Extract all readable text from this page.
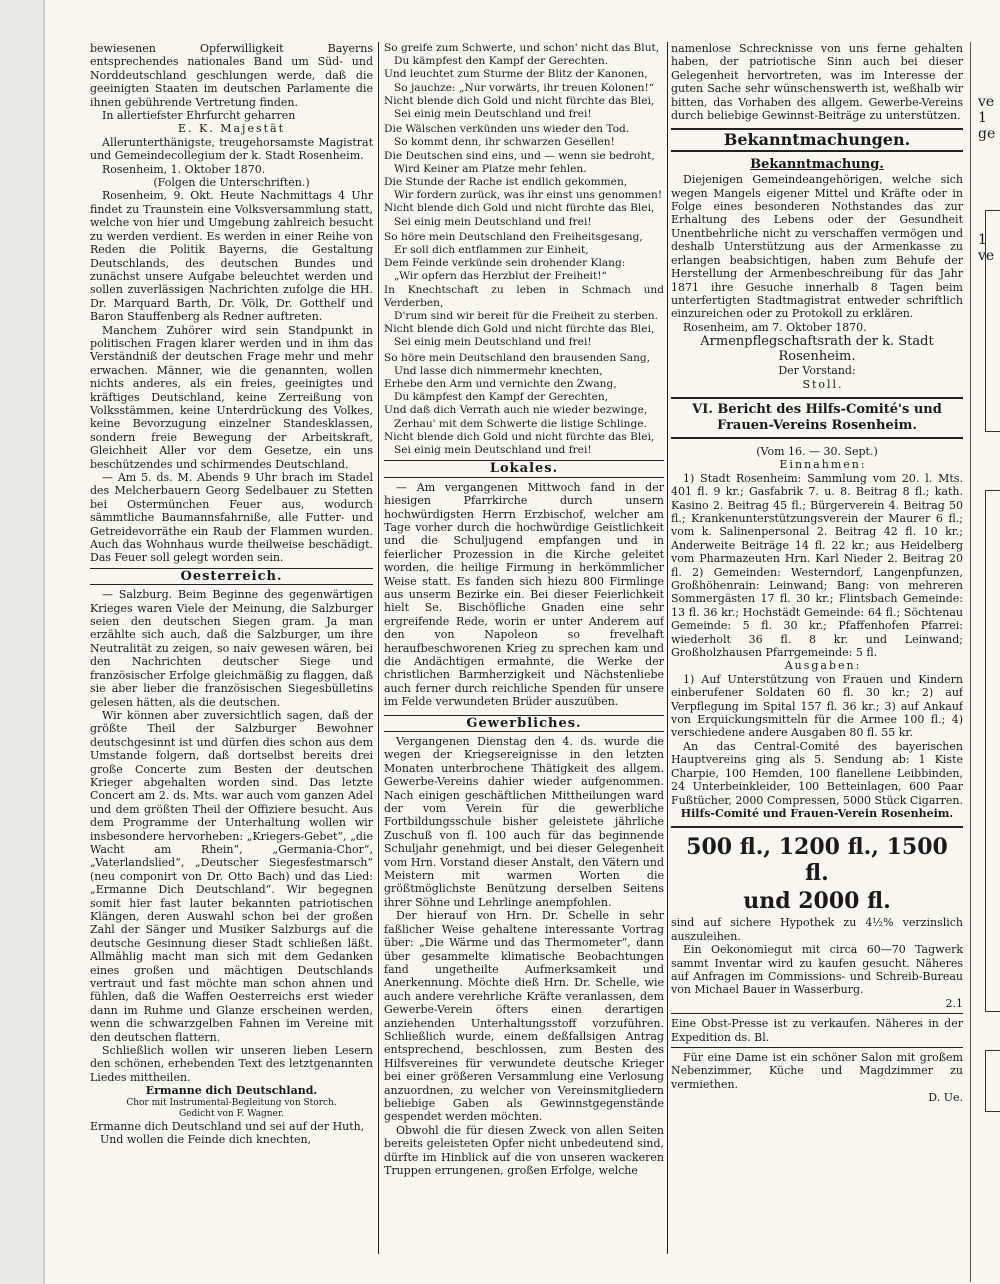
bewiesenen Opferwilligkeit Bayerns entsprechendes nationales Band um Süd- und Norddeutschland geschlungen werde, daß die geeinigten Staaten im deutschen Parlamente die ihnen gebührende Vertretung finden.

In allertiefster Ehrfurcht geharren

E. K. Majestät

Allerunterthänigste, treugehorsamste Magistrat und Gemeindecollegium der k. Stadt Rosenheim.

Rosenheim, 1. Oktober 1870.

(Folgen die Unterschriften.)

Rosenheim, 9. Okt. Heute Nachmittags 4 Uhr findet zu Traunstein eine Volksversammlung statt, welche von hier und Umgebung zahlreich besucht zu werden verdient. Es werden in einer Reihe von Reden die Politik Bayerns, die Gestaltung Deutschlands, des deutschen Bundes und zunächst unsere Aufgabe beleuchtet werden und sollen zuverlässigen Nachrichten zufolge die HH. Dr. Marquard Barth, Dr. Völk, Dr. Gotthelf und Baron Stauffenberg als Redner auftreten.

Manchem Zuhörer wird sein Standpunkt in politischen Fragen klarer werden und in ihm das Verständniß der deutschen Frage mehr und mehr erwachen. Männer, wie die genannten, wollen nichts anderes, als ein freies, geeinigtes und kräftiges Deutschland, keine Zerreißung von Volksstämmen, keine Unterdrückung des Volkes, keine Bevorzugung einzelner Standesklassen, sondern freie Bewegung der Arbeitskraft, Gleichheit Aller vor dem Gesetze, ein uns beschützendes und schirmendes Deutschland.

— Am 5. ds. M. Abends 9 Uhr brach im Stadel des Melcherbauern Georg Sedelbauer zu Stetten bei Ostermünchen Feuer aus, wodurch sämmtliche Baumannsfahrniße, alle Futter- und Getreidevorräthe ein Raub der Flammen wurden. Auch das Wohnhaus wurde theilweise beschädigt. Das Feuer soll gelegt worden sein.

Oesterreich.

— Salzburg. Beim Beginne des gegenwärtigen Krieges waren Viele der Meinung, die Salzburger seien den deutschen Siegen gram. Ja man erzählte sich auch, daß die Salzburger, um ihre Neutralität zu zeigen, so naiv gewesen wären, bei den Nachrichten deutscher Siege und französischer Erfolge gleichmäßig zu flaggen, daß sie aber lieber die französischen Siegesbülletins gelesen hätten, als die deutschen.

Wir können aber zuversichtlich sagen, daß der größte Theil der Salzburger Bewohner deutschgesinnt ist und dürfen dies schon aus dem Umstande folgern, daß dortselbst bereits drei große Concerte zum Besten der deutschen Krieger abgehalten worden sind. Das letzte Concert am 2. ds. Mts. war auch vom ganzen Adel und dem größten Theil der Offiziere besucht. Aus dem Programme der Unterhaltung wollen wir insbesondere hervorheben: „Kriegers-Gebet“, „die Wacht am Rhein“, „Germania-Chor“, „Vaterlandslied“, „Deutscher Siegesfestmarsch“ (neu componirt von Dr. Otto Bach) und das Lied: „Ermanne Dich Deutschland“. Wir begegnen somit hier fast lauter bekannten patriotischen Klängen, deren Auswahl schon bei der großen Zahl der Sänger und Musiker Salzburgs auf die deutsche Gesinnung dieser Stadt schließen läßt. Allmählig macht man sich mit dem Gedanken eines großen und mächtigen Deutschlands vertraut und fast möchte man schon ahnen und fühlen, daß die Waffen Oesterreichs erst wieder dann im Ruhme und Glanze erscheinen werden, wenn die schwarzgelben Fahnen im Vereine mit den deutschen flattern.

Schließlich wollen wir unseren lieben Lesern den schönen, erhebenden Text des letztgenannten Liedes mittheilen.

Ermanne dich Deutschland.
Chor mit Instrumental-Begleitung von Storch.
Gedicht von F. Wagner.

Ermanne dich Deutschland und sei auf der Huth,

Und wollen die Feinde dich knechten,

So greife zum Schwerte, und schon' nicht das Blut,

Du kämpfest den Kampf der Gerechten.

Und leuchtet zum Sturme der Blitz der Kanonen,

So jauchze: „Nur vorwärts, ihr treuen Kolonen!“

Nicht blende dich Gold und nicht fürchte das Blei,

Sei einig mein Deutschland und frei!

Die Wälschen verkünden uns wieder den Tod.

So kommt denn, ihr schwarzen Gesellen!

Die Deutschen sind eins, und — wenn sie bedroht,

Wird Keiner am Platze mehr fehlen.

Die Stunde der Rache ist endlich gekommen,

Wir fordern zurück, was ihr einst uns genommen!

Nicht blende dich Gold und nicht fürchte das Blei,

Sei einig mein Deutschland und frei!

So höre mein Deutschland den Freiheitsgesang,

Er soll dich entflammen zur Einheit,

Dem Feinde verkünde sein drohender Klang:

„Wir opfern das Herzblut der Freiheit!“

In Knechtschaft zu leben in Schmach und Verderben,

D'rum sind wir bereit für die Freiheit zu sterben.

Nicht blende dich Gold und nicht fürchte das Blei,

Sei einig mein Deutschland und frei!

So höre mein Deutschland den brausenden Sang,

Und lasse dich nimmermehr knechten,

Erhebe den Arm und vernichte den Zwang,

Du kämpfest den Kampf der Gerechten,

Und daß dich Verrath auch nie wieder bezwinge,

Zerhau' mit dem Schwerte die listige Schlinge.

Nicht blende dich Gold und nicht fürchte das Blei,

Sei einig mein Deutschland und frei!

Lokales.

— Am vergangenen Mittwoch fand in der hiesigen Pfarrkirche durch unsern hochwürdigsten Herrn Erzbischof, welcher am Tage vorher durch die hochwürdige Geistlichkeit und die Schuljugend empfangen und in feierlicher Prozession in die Kirche geleitet worden, die heilige Firmung in herkömmlicher Weise statt. Es fanden sich hiezu 800 Firmlinge aus unserm Bezirke ein. Bei dieser Feierlichkeit hielt Se. Bischöfliche Gnaden eine sehr ergreifende Rede, worin er unter Anderem auf den von Napoleon so frevelhaft heraufbeschworenen Krieg zu sprechen kam und die Andächtigen ermahnte, die Werke der christlichen Barmherzigkeit und Nächstenliebe auch ferner durch reichliche Spenden für unsere im Felde verwundeten Brüder auszuüben.

Gewerbliches.

Vergangenen Dienstag den 4. ds. wurde die wegen der Kriegsereignisse in den letzten Monaten unterbrochene Thätigkeit des allgem. Gewerbe-Vereins dahier wieder aufgenommen. Nach einigen geschäftlichen Mittheilungen ward der vom Verein für die gewerbliche Fortbildungsschule bisher geleistete jährliche Zuschuß von fl. 100 auch für das beginnende Schuljahr genehmigt, und bei dieser Gelegenheit vom Hrn. Vorstand dieser Anstalt, den Vätern und Meistern mit warmen Worten die größtmöglichste Benützung derselben Seitens ihrer Söhne und Lehrlinge anempfohlen.

Der hierauf von Hrn. Dr. Schelle in sehr faßlicher Weise gehaltene interessante Vortrag über: „Die Wärme und das Thermometer“, dann über gesammelte klimatische Beobachtungen fand ungetheilte Aufmerksamkeit und Anerkennung. Möchte dieß Hrn. Dr. Schelle, wie auch andere verehrliche Kräfte veranlassen, dem Gewerbe-Verein öfters einen derartigen anziehenden Unterhaltungsstoff vorzuführen. Schließlich wurde, einem deßfallsigen Antrag entsprechend, beschlossen, zum Besten des Hilfsvereines für verwundete deutsche Krieger bei einer größeren Versammlung eine Verlosung anzuordnen, zu welcher von Vereinsmitgliedern beliebige Gaben als Gewinnstgegenstände gespendet werden möchten.

Obwohl die für diesen Zweck von allen Seiten bereits geleisteten Opfer nicht unbedeutend sind, dürfte im Hinblick auf die von unseren wackeren Truppen errungenen, großen Erfolge, welche

namenlose Schrecknisse von uns ferne gehalten haben, der patriotische Sinn auch bei dieser Gelegenheit hervortreten, was im Interesse der guten Sache sehr wünschenswerth ist, weßhalb wir bitten, das Vorhaben des allgem. Gewerbe-Vereins durch beliebige Gewinnst-Beiträge zu unterstützen.

Bekanntmachungen.
Bekanntmachung.

Diejenigen Gemeindeangehörigen, welche sich wegen Mangels eigener Mittel und Kräfte oder in Folge eines besonderen Nothstandes das zur Erhaltung des Lebens oder der Gesundheit Unentbehrliche nicht zu verschaffen vermögen und deshalb Unterstützung aus der Armenkasse zu erlangen beabsichtigen, haben zum Behufe der Herstellung der Armenbeschreibung für das Jahr 1871 ihre Gesuche innerhalb 8 Tagen beim unterfertigten Stadtmagistrat entweder schriftlich einzureichen oder zu Protokoll zu erklären.

Rosenheim, am 7. Oktober 1870.

Armenpflegschaftsrath der k. Stadt Rosenheim.

Der Vorstand:

Stoll.

VI. Bericht des Hilfs-Comité's und Frauen-Vereins Rosenheim.

(Vom 16. — 30. Sept.)

Einnahmen:

1) Stadt Rosenheim: Sammlung vom 20. l. Mts. 401 fl. 9 kr.; Gasfabrik 7. u. 8. Beitrag 8 fl.; kath. Kasino 2. Beitrag 45 fl.; Bürgerverein 4. Beitrag 50 fl.; Krankenunterstützungsverein der Maurer 6 fl.; vom k. Salinenpersonal 2. Beitrag 42 fl. 10 kr.; Anderweite Beiträge 14 fl. 22 kr.; aus Heidelberg vom Pharmazeuten Hrn. Karl Nieder 2. Beitrag 20 fl. 2) Gemeinden: Westerndorf, Langenpfunzen, Großhöhenrain: Leinwand; Bang: von mehreren Sommergästen 17 fl. 30 kr.; Flintsbach Gemeinde: 13 fl. 36 kr.; Hochstädt Gemeinde: 64 fl.; Söchtenau Gemeinde: 5 fl. 30 kr.; Pfaffenhofen Pfarrei: wiederholt 36 fl. 8 kr. und Leinwand; Großholzhausen Pfarrgemeinde: 5 fl.

Ausgaben:

1) Auf Unterstützung von Frauen und Kindern einberufener Soldaten 60 fl. 30 kr.; 2) auf Verpflegung im Spital 157 fl. 36 kr.; 3) auf Ankauf von Erquickungsmitteln für die Armee 100 fl.; 4) verschiedene andere Ausgaben 80 fl. 55 kr.

An das Central-Comité des bayerischen Hauptvereins ging als 5. Sendung ab: 1 Kiste Charpie, 100 Hemden, 100 flanellene Leibbinden, 24 Unterbeinkleider, 100 Betteinlagen, 600 Paar Fußtücher, 2000 Compressen, 5000 Stück Cigarren.

Hilfs-Comité und Frauen-Verein Rosenheim.

500 fl., 1200 fl., 1500 fl.
und 2000 fl.

sind auf sichere Hypothek zu 4½% verzinslich auszuleihen.

Ein Oekonomiegut mit circa 60—70 Tagwerk sammt Inventar wird zu kaufen gesucht. Näheres auf Anfragen im Commissions- und Schreib-Bureau von Michael Bauer in Wasserburg.

2.1

Eine Obst-Presse ist zu verkaufen. Näheres in der Expedition ds. Bl.

Für eine Dame ist ein schöner Salon mit großem Nebenzimmer, Küche und Magdzimmer zu vermiethen.

D. Ue.

ve
1
ge
1
ve
